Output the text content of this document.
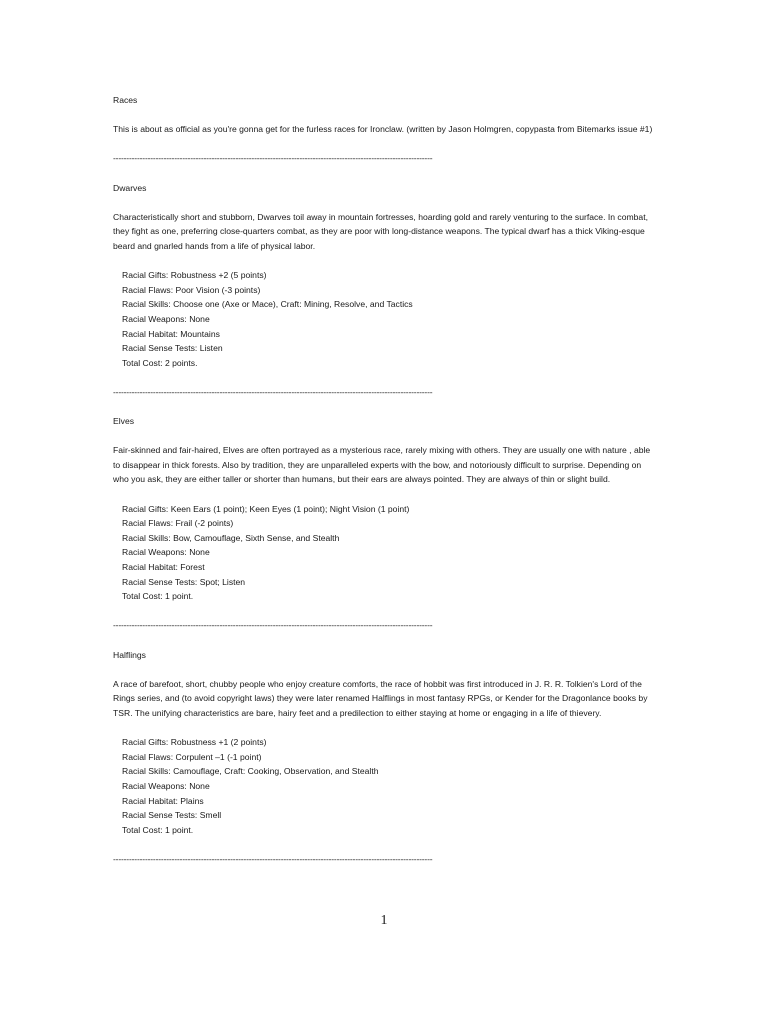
Races
This is about as official as you're gonna get for the furless races for Ironclaw. (written by Jason Holmgren, copypasta from Bitemarks issue #1)
------------------------------------------------------------------------------------------------------------------------
Dwarves
Characteristically short and stubborn, Dwarves toil away in mountain fortresses, hoarding gold and rarely venturing to the surface. In combat, they fight as one, preferring close-quarters combat, as they are poor with long-distance weapons. The typical dwarf has a thick Viking-esque beard and gnarled hands from a life of physical labor.
Racial Gifts: Robustness +2 (5 points)
Racial Flaws: Poor Vision (-3 points)
Racial Skills: Choose one (Axe or Mace), Craft: Mining, Resolve, and Tactics
Racial Weapons: None
Racial Habitat: Mountains
Racial Sense Tests: Listen
Total Cost: 2 points.
------------------------------------------------------------------------------------------------------------------------
Elves
Fair-skinned and fair-haired, Elves are often portrayed as a mysterious race, rarely mixing with others. They are usually one with nature , able to disappear in thick forests. Also by tradition, they are unparalleled experts with the bow, and notoriously difficult to surprise. Depending on who you ask, they are either taller or shorter than humans, but their ears are always pointed. They are always of thin or slight build.
Racial Gifts: Keen Ears (1 point); Keen Eyes (1 point); Night Vision (1 point)
Racial Flaws: Frail (-2 points)
Racial Skills: Bow, Camouflage, Sixth Sense, and Stealth
Racial Weapons: None
Racial Habitat: Forest
Racial Sense Tests: Spot; Listen
Total Cost: 1 point.
------------------------------------------------------------------------------------------------------------------------
Halflings
A race of barefoot, short, chubby people who enjoy creature comforts, the race of hobbit was first introduced in J. R. R. Tolkien's Lord of the Rings series, and (to avoid copyright laws) they were later renamed Halflings in most fantasy RPGs, or Kender for the Dragonlance books by TSR. The unifying characteristics are bare, hairy feet and a predilection to either staying at home or engaging in a life of thievery.
Racial Gifts: Robustness +1 (2 points)
Racial Flaws: Corpulent –1 (-1 point)
Racial Skills: Camouflage, Craft: Cooking, Observation, and Stealth
Racial Weapons: None
Racial Habitat: Plains
Racial Sense Tests: Smell
Total Cost: 1 point.
------------------------------------------------------------------------------------------------------------------------
1
